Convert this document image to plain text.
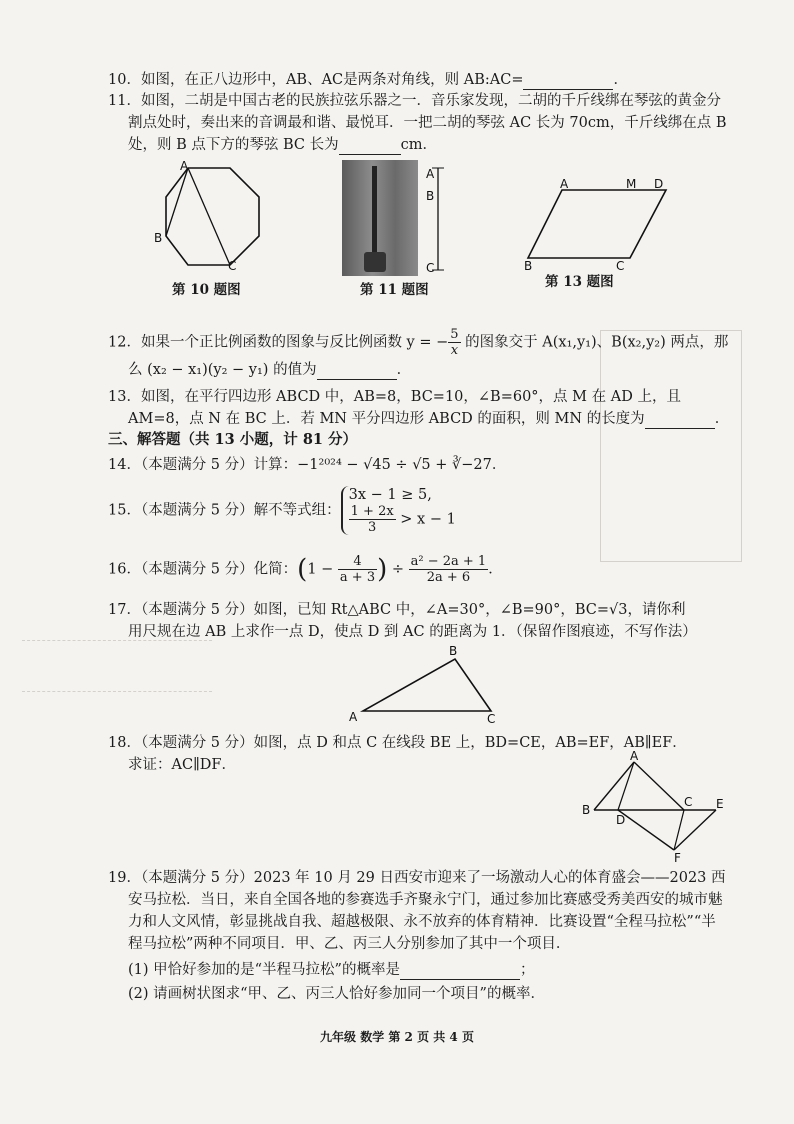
10．如图，在正八边形中，AB、AC是两条对角线，则 AB:AC=	．
11．如图，二胡是中国古老的民族拉弦乐器之一．音乐家发现，二胡的千斤线绑在琴弦的黄金分
割点处时，奏出来的音调最和谐、最悦耳．一把二胡的琴弦 AC 长为 70cm，千斤线绑在点 B
处，则 B 点下方的琴弦 BC 长为	cm．
A
B
C
第 10 题图
A
B
C
第 11 题图
A	M D
B	C
第 13 题图
12．如果一个正比例函数的图象与反比例函数 y = − $\frac{5}{x}$ 的图象交于 A(x₁,y₁)、B(x₂,y₂) 两点，那
么 (x₂ − x₁)(y₂ − y₁) 的值为	．
13．如图，在平行四边形 ABCD 中，AB=8，BC=10，∠B=60°，点 M 在 AD 上，且
AM=8，点 N 在 BC 上．若 MN 平分四边形 ABCD 的面积，则 MN 的长度为	．
三、解答题（共 13 小题，计 81 分）
14．（本题满分 5 分）计算：−1²⁰²⁴ − √45 ÷ √5 + ∛−27．
15．（本题满分 5 分）解不等式组：
3x − 1 ≥ 5,
$\frac{1 + 2x}{3} > x - 1$
16．（本题满分 5 分）化简：($1 - \frac{4}{a + 3}$ ) ÷ $\frac{\text{a² − 2a + 1}}{2a + 6}$ ．
17．（本题满分 5 分）如图，已知 Rt△ABC 中，∠A=30°，∠B=90°，BC=√3，请你利
用尺规在边 AB 上求作一点 D，使点 D 到 AC 的距离为 1．（保留作图痕迹，不写作法）
B
A	C
18．（本题满分 5 分）如图，点 D 和点 C 在线段 BE 上，BD=CE，AB=EF，AB∥EF．
求证：AC∥DF．
A
B
D
C E
F
19．（本题满分 5 分）2023 年 10 月 29 日西安市迎来了一场激动人心的体育盛会——2023 西
安马拉松．当日，来自全国各地的参赛选手齐聚永宁门，通过参加比赛感受秀美西安的城市魅
力和人文风情，彰显挑战自我、超越极限、永不放弃的体育精神．比赛设置“全程马拉松”“半
程马拉松”两种不同项目．甲、乙、丙三人分别参加了其中一个项目．
(1) 甲恰好参加的是“半程马拉松”的概率是	；
(2) 请画树状图求“甲、乙、丙三人恰好参加同一个项目”的概率．
九年级 数学 第 2 页 共 4 页
